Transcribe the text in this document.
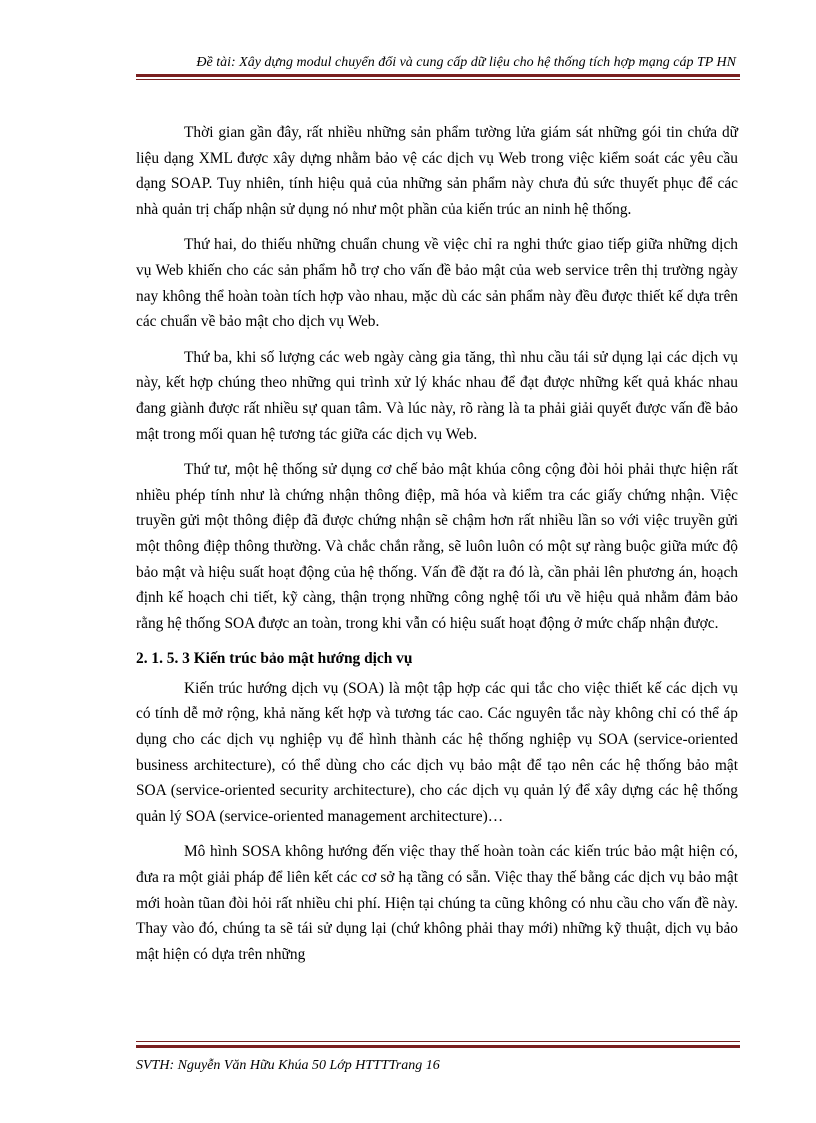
Đề tài: Xây dựng modul chuyển đổi và cung cấp dữ liệu cho hệ thống tích hợp mạng cáp TP HN

Thời gian gần đây, rất nhiều những sản phẩm tường lửa giám sát những gói tin chứa dữ liệu dạng XML được xây dựng nhằm bảo vệ các dịch vụ Web trong việc kiểm soát các yêu cầu dạng SOAP. Tuy nhiên, tính hiệu quả của những sản phẩm này chưa đủ sức thuyết phục để các nhà quản trị chấp nhận sử dụng nó như một phần của kiến trúc an ninh hệ thống.

Thứ hai, do thiếu những chuẩn chung về việc chỉ ra nghi thức giao tiếp giữa những dịch vụ Web khiến cho các sản phẩm hỗ trợ cho vấn đề bảo mật của web service trên thị trường ngày nay không thể hoàn toàn tích hợp vào nhau, mặc dù các sản phẩm này đều được thiết kế dựa trên các chuẩn về bảo mật cho dịch vụ Web.

Thứ ba, khi số lượng các web ngày càng gia tăng, thì nhu cầu tái sử dụng lại các dịch vụ này, kết hợp chúng theo những qui trình xử lý khác nhau để đạt được những kết quả khác nhau đang giành được rất nhiều sự quan tâm. Và lúc này, rõ ràng là ta phải giải quyết được vấn đề bảo mật trong mối quan hệ tương tác giữa các dịch vụ Web.

Thứ tư, một hệ thống sử dụng cơ chế bảo mật khúa công cộng đòi hỏi phải thực hiện rất nhiều phép tính như là chứng nhận thông điệp, mã hóa và kiểm tra các giấy chứng nhận. Việc truyền gửi một thông điệp đã được chứng nhận sẽ chậm hơn rất nhiều lần so với việc truyền gửi một thông điệp thông thường. Và chắc chắn rằng, sẽ luôn luôn có một sự ràng buộc giữa mức độ bảo mật và hiệu suất hoạt động của hệ thống. Vấn đề đặt ra đó là, cần phải lên phương án, hoạch định kế hoạch chi tiết, kỹ càng, thận trọng những công nghệ tối ưu về hiệu quả nhằm đảm bảo rằng hệ thống SOA được an toàn, trong khi vẫn có hiệu suất hoạt động ở mức chấp nhận được.

2. 1. 5. 3 Kiến trúc bảo mật hướng dịch vụ

Kiến trúc hướng dịch vụ (SOA) là một tập hợp các qui tắc cho việc thiết kế các dịch vụ có tính dễ mở rộng, khả năng kết hợp và tương tác cao. Các nguyên tắc này không chỉ có thể áp dụng cho các dịch vụ nghiệp vụ để hình thành các hệ thống nghiệp vụ SOA (service-oriented business architecture), có thể dùng cho các dịch vụ bảo mật để tạo nên các hệ thống bảo mật SOA (service-oriented security architecture), cho các dịch vụ quản lý để xây dựng các hệ thống quản lý SOA (service-oriented management architecture)…

Mô hình SOSA không hướng đến việc thay thế hoàn toàn các kiến trúc bảo mật hiện có, đưa ra một giải pháp để liên kết các cơ sở hạ tầng có sẵn. Việc thay thế bằng các dịch vụ bảo mật mới hoàn tũan đòi hỏi rất nhiều chi phí. Hiện tại chúng ta cũng không có nhu cầu cho vấn đề này. Thay vào đó, chúng ta sẽ tái sử dụng lại (chứ không phải thay mới) những kỹ thuật, dịch vụ bảo mật hiện có dựa trên những

SVTH: Nguyễn Văn Hữu Khúa 50 Lớp HTTTTrang 16
